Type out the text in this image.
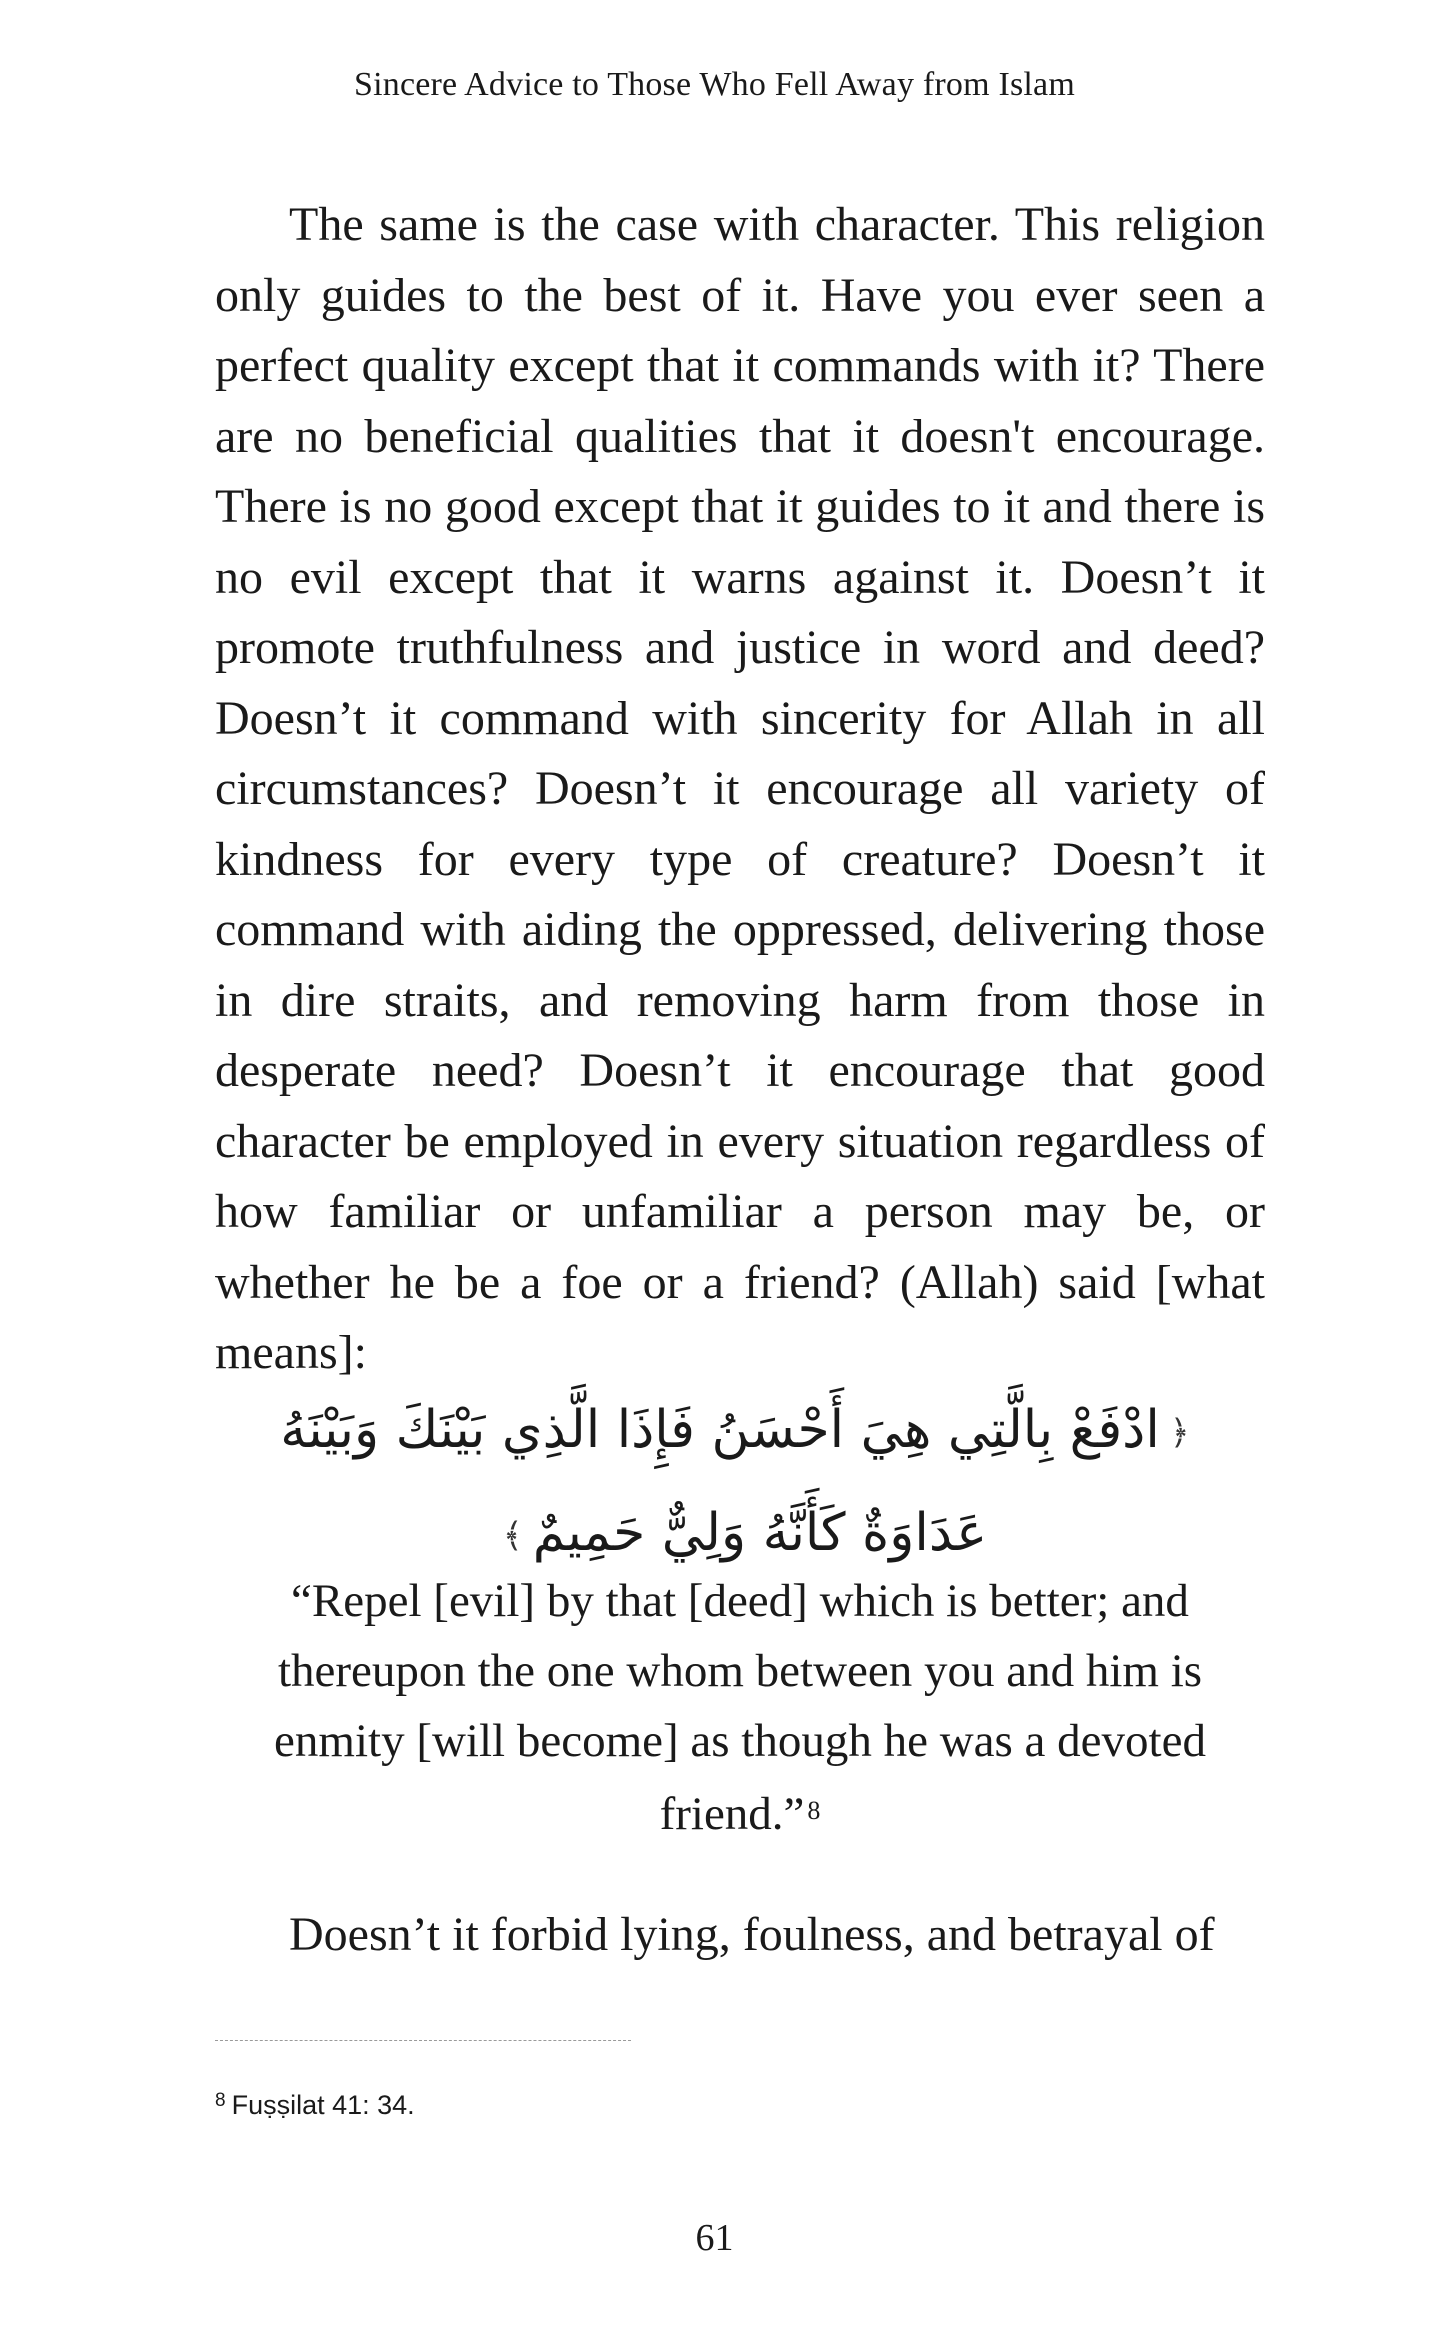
Sincere Advice to Those Who Fell Away from Islam

The same is the case with character. This religion only guides to the best of it. Have you ever seen a perfect quality except that it commands with it? There are no beneficial qualities that it doesn't encourage. There is no good except that it guides to it and there is no evil except that it warns against it. Doesn’t it promote truthfulness and justice in word and deed? Doesn’t it command with sincerity for Allah in all circumstances? Doesn’t it encourage all variety of kindness for every type of creature? Doesn’t it command with aiding the oppressed, delivering those in dire straits, and removing harm from those in desperate need? Doesn’t it encourage that good character be employed in every situation regardless of how familiar or unfamiliar a person may be, or whether he be a foe or a friend? (Allah) said [what means]:

﴿ادْفَعْ بِالَّتِي هِيَ أَحْسَنُ فَإِذَا الَّذِي بَيْنَكَ وَبَيْنَهُ عَدَاوَةٌ كَأَنَّهُ وَلِيٌّ حَمِيمٌ﴾

“Repel [evil] by that [deed] which is better; and thereupon the one whom between you and him is enmity [will become] as though he was a devoted friend.” $^8$

Doesn’t it forbid lying, foulness, and betrayal of

$^8$ Fuṣṣilat 41: 34.

61
